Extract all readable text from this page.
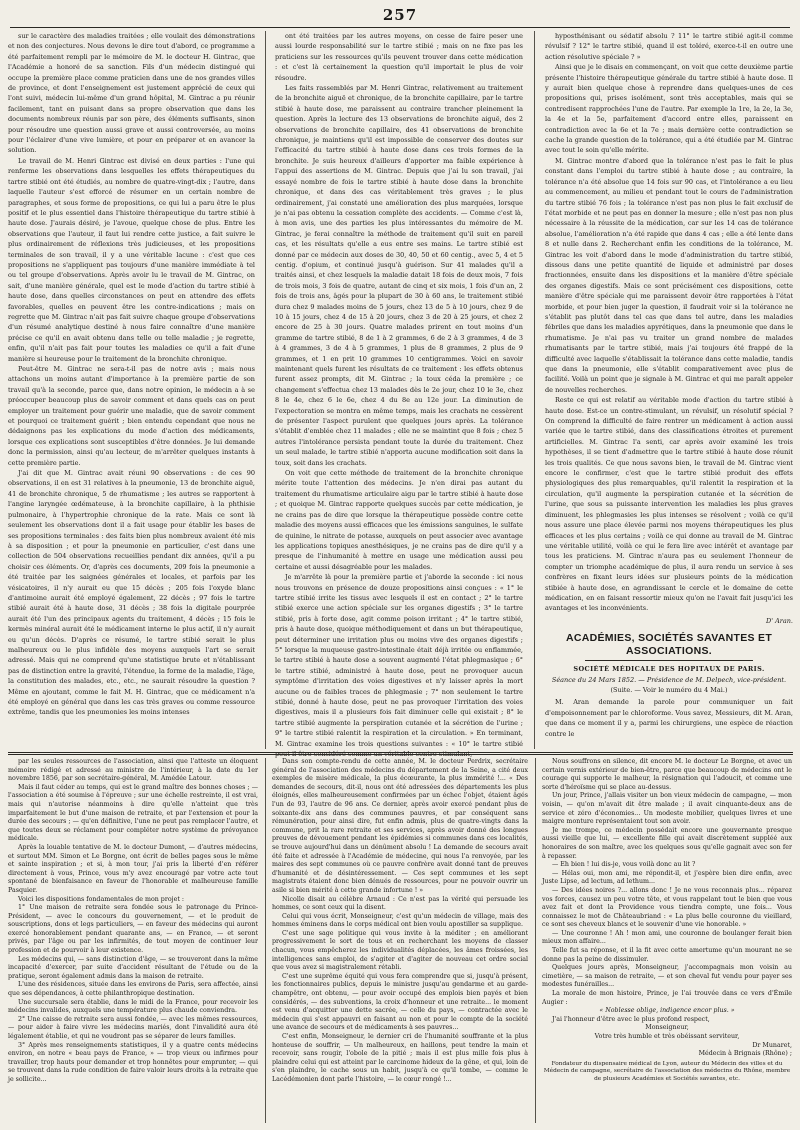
257

sur le caractère des maladies traitées ; elle voulait des démonstrations et non des conjectures. Nous devons le dire tout d'abord, ce programme a été parfaitement rempli par le mémoire de M. le docteur H. Gintrac, que l'Académie a honoré de sa sanction. Fils d'un médecin distingué qui occupe la première place comme praticien dans une de nos grandes villes de province, et dont l'enseignement est justement apprécié de ceux qui l'ont suivi, médecin lui-même d'un grand hôpital, M. Gintrac a pu réunir facilement, tant en puisant dans sa propre observation que dans les documents nombreux réunis par son père, des éléments suffisants, sinon pour résoudre une question aussi grave et aussi controversée, au moins pour l'éclairer d'une vive lumière, et pour en préparer et en avancer la solution.

Le travail de M. Henri Gintrac est divisé en deux parties : l'une qui renferme les observations dans lesquelles les effets thérapeutiques du tartre stibié ont été étudiés, au nombre de quatre-vingt-dix ; l'autre, dans laquelle l'auteur s'est efforcé de résumer en un certain nombre de paragraphes, et sous forme de propositions, ce qui lui a paru être le plus positif et le plus essentiel dans l'histoire thérapeutique du tartre stibié à haute dose. J'aurais désiré, je l'avoue, quelque chose de plus. Entre les observations que l'auteur, il faut lui rendre cette justice, a fait suivre le plus ordinairement de réflexions très judicieuses, et les propositions terminales de son travail, il y a une véritable lacune : c'est que ces propositions ne s'appliquent pas toujours d'une manière immédiate à tel ou tel groupe d'observations. Après avoir lu le travail de M. Gintrac, on sait, d'une manière générale, quel est le mode d'action du tartre stibié à haute dose, dans quelles circonstances on peut en attendre des effets favorables, quelles en peuvent être les contre-indications ; mais on regrette que M. Gintrac n'ait pas fait suivre chaque groupe d'observations d'un résumé analytique destiné à nous faire connaître d'une manière précise ce qu'il en avait obtenu dans telle ou telle maladie ; je regrette, enfin, qu'il n'ait pas fait pour toutes les maladies ce qu'il a fait d'une manière si heureuse pour le traitement de la bronchite chronique.

Peut-être M. Gintrac ne sera-t-il pas de notre avis ; mais nous attachons un moins autant d'importance à la première partie de son travail qu'à la seconde, parce que, dans notre opinion, le médecin a à se préoccuper beaucoup plus de savoir comment et dans quels cas on peut employer un traitement pour guérir une maladie, que de savoir comment et pourquoi ce traitement guérit ; bien entendu cependant que nous ne dédaignons pas les explications du mode d'action des médicaments, lorsque ces explications sont susceptibles d'être données. Je lui demande donc la permission, ainsi qu'au lecteur, de m'arrêter quelques instants à cette première partie.

J'ai dit que M. Gintrac avait réuni 90 observations : de ces 90 observations, il en est 31 relatives à la pneumonie, 13 de bronchite aiguë, 41 de bronchite chronique, 5 de rhumatisme ; les autres se rapportent à l'angine laryngée œdémateuse, à la bronchite capillaire, à la phthisie pulmonaire, à l'hypertrophie chronique de la rate. Mais ce sont là seulement les observations dont il a fait usage pour établir les bases de ses propositions terminales : des faits bien plus nombreux avaient été mis à sa disposition ; et pour la pneumonie en particulier, c'est dans une collection de 504 observations recueillies pendant dix années, qu'il a pu choisir ces éléments. Or, d'après ces documents, 209 fois la pneumonie a été traitée par les saignées générales et locales, et parfois par les vésicatoires, il n'y aurait eu que 15 décès ; 205 fois l'oxyde blanc d'antimoine aurait été employé également, 22 décès ; 97 fois le tartre stibié aurait été à haute dose, 31 décès ; 38 fois la digitale pourprée aurait été l'un des principaux agents du traitement, 4 décès ; 15 fois le kermès minéral aurait été le médicament interne le plus actif, il n'y aurait eu qu'un décès. D'après ce résumé, le tartre stibié serait le plus malheureux ou le plus infidèle des moyens auxquels l'art se serait adressé. Mais qui ne comprend qu'une statistique brute et n'établissant pas de distinction entre la gravité, l'étendue, la forme de la maladie, l'âge, la constitution des malades, etc., etc., ne saurait résoudre la question ? Même en ajoutant, comme le fait M. H. Gintrac, que ce médicament n'a été employé en général que dans les cas très graves ou comme ressource extrême, tandis que les pneumonies les moins intenses

ont été traitées par les autres moyens, on cesse de faire peser une aussi lourde responsabilité sur le tartre stibié ; mais on ne fixe pas les praticiens sur les ressources qu'ils peuvent trouver dans cette médication : et c'est là certainement la question qu'il importait le plus de voir résoudre.

Les faits rassemblés par M. Henri Gintrac, relativement au traitement de la bronchite aiguë et chronique, de la bronchite capillaire, par le tartre stibié à haute dose, me paraissent au contraire trancher pleinement la question. Après la lecture des 13 observations de bronchite aiguë, des 2 observations de bronchite capillaire, des 41 observations de bronchite chronique, je maintiens qu'il est impossible de conserver des doutes sur l'efficacité du tartre stibié à haute dose dans ces trois formes de la bronchite. Je suis heureux d'ailleurs d'apporter ma faible expérience à l'appui des assertions de M. Gintrac. Depuis que j'ai lu son travail, j'ai essayé nombre de fois le tartre stibié à haute dose dans la bronchite chronique, et dans des cas véritablement très graves ; le plus ordinairement, j'ai constaté une amélioration des plus marquées, lorsque je n'ai pas obtenu la cessation complète des accidents. — Comme c'est là, à mon avis, une des parties les plus intéressantes du mémoire de M. Gintrac, je ferai connaître la méthode de traitement qu'il suit en pareil cas, et les résultats qu'elle a eus entre ses mains. Le tartre stibié est donné par ce médecin aux doses de 30, 40, 50 et 60 centig., avec 5, 4 et 5 centig. d'opium, et continué jusqu'à guérison. Sur 41 malades qu'il a traités ainsi, et chez lesquels la maladie datait 18 fois de deux mois, 7 fois de trois mois, 3 fois de quatre, autant de cinq et six mois, 1 fois d'un an, 2 fois de trois ans, âgés pour la plupart de 30 à 60 ans, le traitement stibié dura chez 9 malades moins de 5 jours, chez 13 de 5 à 10 jours, chez 9 de 10 à 15 jours, chez 4 de 15 à 20 jours, chez 3 de 20 à 25 jours, et chez 2 encore de 25 à 30 jours. Quatre malades prirent en tout moins d'un gramme de tartre stibié, 8 de 1 à 2 grammes, 6 de 2 à 3 grammes, 4 de 3 à 4 grammes, 3 de 4 à 5 grammes, 1 plus de 8 grammes, 2 plus de 9 grammes, et 1 en prit 10 grammes 10 centigrammes. Voici en savoir maintenant quels furent les résultats de ce traitement : les effets obtenus furent assez prompts, dit M. Gintrac ; la toux céda la première ; ce changement s'effectua chez 13 malades dès le 2e jour, chez 10 le 3e, chez 8 le 4e, chez 6 le 6e, chez 4 du 8e au 12e jour. La diminution de l'expectoration se montra en même temps, mais les crachats ne cessèrent de présenter l'aspect purulent que quelques jours après. La tolérance s'établit d'emblée chez 11 malades ; elle ne se maintint que 8 fois ; chez 5 autres l'intolérance persista pendant toute la durée du traitement. Chez un seul malade, le tartre stibié n'apporta aucune modification soit dans la toux, soit dans les crachats.

On voit que cette méthode de traitement de la bronchite chronique mérite toute l'attention des médecins. Je n'en dirai pas autant du traitement du rhumatisme articulaire aigu par le tartre stibié à haute dose ; et quoique M. Gintrac rapporte quelques succès par cette médication, je ne crains pas de dire que lorsque la thérapeutique possède contre cette maladie des moyens aussi efficaces que les émissions sanguines, le sulfate de quinine, le nitrate de potasse, auxquels on peut associer avec avantage les applications topiques anesthésiques, je ne crains pas de dire qu'il y a presque de l'inhumanité à mettre en usage une médication aussi peu certaine et aussi désagréable pour les malades.

Je m'arrête là pour la première partie et j'aborde la seconde : ici nous nous trouvons en présence de douze propositions ainsi conçues : « 1° le tartre stibié irrite les tissus avec lesquels il est en contact ; 2° le tartre stibié exerce une action spéciale sur les organes digestifs ; 3° le tartre stibié, pris à forte dose, agit comme poison irritant ; 4° le tartre stibié, pris à haute dose, quoique méthodiquement et dans un but thérapeutique, peut déterminer une irritation plus ou moins vive des organes digestifs ; 5° lorsque la muqueuse gastro-intestinale était déjà irritée ou enflammée, le tartre stibié à haute dose a souvent augmenté l'état phlegmasique ; 6° le tartre stibié, administré à haute dose, peut ne provoquer aucun symptôme d'irritation des voies digestives et n'y laisser après la mort aucune ou de faibles traces de phlegmasie ; 7° non seulement le tartre stibié, donné à haute dose, peut ne pas provoquer l'irritation des voies digestives, mais il a plusieurs fois fait diminuer celle qui existait ; 8° le tartre stibié augmente la perspiration cutanée et la sécrétion de l'urine ; 9° le tartre stibié ralentit la respiration et la circulation. » En terminant, M. Gintrac examine les trois questions suivantes : « 10° le tartre stibié peut-il être considéré comme un véritable contre-stimulant,

hyposthénisant ou sédatif absolu ? 11° le tartre stibié agit-il comme révulsif ? 12° le tartre stibié, quand il est toléré, exerce-t-il en outre une action résolutive spéciale ? »

Ainsi que je le disais en commençant, on voit que cette deuxième partie présente l'histoire thérapeutique générale du tartre stibié à haute dose. Il y aurait bien quelque chose à reprendre dans quelques-unes de ces propositions qui, prises isolément, sont très acceptables, mais qui se contredisent rapprochées l'une de l'autre. Par exemple la 1re, la 2e, la 3e, la 4e et la 5e, parfaitement d'accord entre elles, paraissent en contradiction avec la 6e et la 7e ; mais dernière cette contradiction se cache la grande question de la tolérance, qui a été étudiée par M. Gintrac avec tout le soin qu'elle mérite.

M. Gintrac montre d'abord que la tolérance n'est pas le fait le plus constant dans l'emploi du tartre stibié à haute dose ; au contraire, la tolérance n'a été absolue que 14 fois sur 90 cas, et l'intolérance a eu lieu au commencement, au milieu et pendant tout le cours de l'administration du tartre stibié 76 fois ; la tolérance n'est pas non plus le fait exclusif de l'état morbide et ne peut pas en donner la mesure ; elle n'est pas non plus nécessaire à la réussite de la médication, car sur les 14 cas de tolérance absolue, l'amélioration n'a été rapide que dans 4 cas ; elle a été lente dans 8 et nulle dans 2. Recherchant enfin les conditions de la tolérance, M. Gintrac les voit d'abord dans le mode d'administration du tartre stibié, dissous dans une petite quantité de liquide et administré par doses fractionnées, ensuite dans les dispositions et la manière d'être spéciale des organes digestifs. Mais ce sont précisément ces dispositions, cette manière d'être spéciale qui me paraissent devoir être rapportées à l'état morbide, et pour bien juger la question, il faudrait voir si la tolérance ne s'établit pas plutôt dans tel cas que dans tel autre, dans les maladies fébriles que dans les maladies apyrétiques, dans la pneumonie que dans le rhumatisme. Je n'ai pas vu traiter un grand nombre de malades rhumatisants par le tartre stibié, mais j'ai toujours été frappé de la difficulté avec laquelle s'établissait la tolérance dans cette maladie, tandis que dans la pneumonie, elle s'établit comparativement avec plus de facilité. Voilà un point que je signale à M. Gintrac et qui me paraît appeler de nouvelles recherches.

Reste ce qui est relatif au véritable mode d'action du tartre stibié à haute dose. Est-ce un contre-stimulant, un révulsif, un résolutif spécial ? On comprend la difficulté de faire rentrer un médicament à action aussi variée que le tartre stibié, dans des classifications étroites et purement artificielles. M. Gintrac l'a senti, car après avoir examiné les trois hypothèses, il se tient d'admettre que le tartre stibié à haute dose réunit les trois qualités. Ce que nous savons bien, le travail de M. Gintrac vient encore le confirmer, c'est que le tartre stibié produit des effets physiologiques des plus remarquables, qu'il ralentit la respiration et la circulation, qu'il augmente la perspiration cutanée et la sécrétion de l'urine, que sous sa puissante intervention les maladies les plus graves diminuent, les phlegmasies les plus intenses se résolvent ; voilà ce qu'il nous assure une place élevée parmi nos moyens thérapeutiques les plus efficaces et les plus certains ; voilà ce qui donne au travail de M. Gintrac une véritable utilité, voilà ce qui le fera lire avec intérêt et avantage par tous les praticiens. M. Gintrac n'aura pas eu seulement l'honneur de compter un triomphe académique de plus, il aura rendu un service à ses confrères en fixant leurs idées sur plusieurs points de la médication stibiée à haute dose, en agrandissant le cercle et le domaine de cette médication, en en faisant ressortir mieux qu'on ne l'avait fait jusqu'ici les avantages et les inconvénients.

D' Aran.
ACADÉMIES, SOCIÉTÉS SAVANTES ET ASSOCIATIONS.
SOCIÉTÉ MÉDICALE DES HOPITAUX DE PARIS.
Séance du 24 Mars 1852. — Présidence de M. Delpech, vice-président.
(Suite. — Voir le numéro du 4 Mai.)

M. Aran demande la parole pour communiquer un fait d'empoisonnement par le chloroforme. Vous savez, Messieurs, dit M. Aran, que dans ce moment il y a, parmi les chirurgiens, une espèce de réaction contre le

par les seules ressources de l'association, ainsi que l'atteste un éloquent mémoire rédigé et adressé au ministre de l'intérieur, à la date du 1er novembre 1856, par son secrétaire-général, M. Amédée Latour.

Mais il faut céder au temps, qui est le grand maître des bonnes choses ; — l'association a été soumise à l'épreuve ; sur une échelle restreinte, il est vrai, mais qui n'autorise néanmoins à dire qu'elle n'atteint que très imparfaitement le but d'une maison de retraite, et par l'extension et pour la durée des secours ; — qu'en définitive, l'une ne peut pas remplacer l'autre, et que toutes deux se réclament pour compléter notre système de prévoyance médicale.

Après la louable tentative de M. le docteur Dumont, — d'autres médecins, et surtout MM. Simon et Le Borgne, ont écrit de belles pages sous le même et sainte inspiration ; et si, à mon tour, j'ai pris la liberté d'en référer directement à vous, Prince, vous m'y avez encouragé par votre acte tout spontané de bienfaisance en faveur de l'honorable et malheureuse famille Pasquier.

Voici les dispositions fondamentales de mon projet :

1° Une maison de retraite sera fondée sous le patronage du Prince-Président, — avec le concours du gouvernement, — et le produit de souscriptions, dons et legs particuliers, — en faveur des médecins qui auront exercé honorablement pendant quarante ans, — en France, — et seront privés, par l'âge ou par les infirmités, de tout moyen de continuer leur profession et de pourvoir à leur existence.

Les médecins qui, — sans distinction d'âge, — se trouveront dans la même incapacité d'exercer, par suite d'accident résultant de l'étude ou de la pratique, seront également admis dans la maison de retraite.

L'une des résidences, située dans les environs de Paris, sera affectée, ainsi que ses dépendances, à cette philanthropique destination.

Une succursale sera établie, dans le midi de la France, pour recevoir les médecins invalides, auxquels une température plus chaude conviendra.

2° Une caisse de retraite sera aussi fondée, — avec les mêmes ressources, — pour aider à faire vivre les médecins mariés, dont l'invalidité aura été légalement établie, et qui ne voudront pas se séparer de leurs familles.

3° Après mes renseignements statistiques, il y a quatre cents médecins environ, en notre « beau pays de France, » — trop vieux ou infirmes pour travailler, trop hauts pour demander et trop honnêtes pour emprunter, — qui se trouvent dans la rude condition de faire valoir leurs droits à la retraite que je sollicite...

Dans son compte-rendu de cette année, M. le docteur Perdrix, secrétaire général de l'association des médecins du département de la Seine, a cité deux exemples de misère médicale, la plus écœurante, la plus immérité !... « Des demandes de secours, dit-il, nous ont été adressées des départements les plus éloignés, elles malheureusement confirmées par un échec l'objet, étaient âgés l'un de 93, l'autre de 96 ans. Ce dernier, après avoir exercé pendant plus de soixante-dix ans dans des communes pauvres, et par conséquent sans rémunération, pour ainsi dire, fut enfin admis, plus de quatre-vingts dans la commune, prit la rare retraite et ses services, après avoir donné des longues preuves de dévouement pendant les épidémies si communes dans ces localités, se trouve aujourd'hui dans un dénûment absolu ! La demande de secours avait été faite et adressée à l'Académie de médecine, qui nous l'a renvoyée, par les maires des sept communes où ce pauvre confrère avait donné tant de preuves d'humanité et de désintéressement. — Ces sept communes et les sept magistrats étaient donc bien dénués de ressources, pour ne pouvoir ouvrir un asile si bien mérité à cette grande infortune ! »

Nicolle disait au célèbre Arnaud : Ce n'est pas la vérité qui persuade les hommes, ce sont ceux qui la disent.

Celui qui vous écrit, Monseigneur, c'est qu'un médecin de village, mais des hommes éminens dans le corps médical ont bien voulu apostiller sa supplique.

C'est une sage politique qui vous invite à la méditer ; en améliorant progressivement le sort de tous et en recherchant les moyens de classer chacun, vous empêcherez les individualités déplacées, les âmes froissées, les intelligences sans emploi, de s'agiter et d'agiter de nouveau cet ordre social que vous avez si magistralement rétabli.

C'est une suprême équité qui vous fera comprendre que si, jusqu'à présent, les fonctionnaires publics, depuis le ministre jusqu'au gendarme et au garde-champêtre, ont obtenu, — pour avoir occupé des emplois bien payés et bien considérés, — des subventions, la croix d'honneur et une retraite... le moment est venu d'acquitter une dette sacrée, — celle du pays, — contractée avec le médecin qui s'est appauvri en faisant au non et pour le compte de la société une avance de secours et de médicaments à ses pauvres...

C'est enfin, Monseigneur, le dernier cri de l'humanité souffrante et la plus honteuse de souffrir, — Un malheureux, en haillons, peut tendre la main et recevoir, sans rougir, l'obole de la pitié ; mais il est plus mille fois plus à plaindre celui qui est atteint par le carcinome hideux de la gêne, et qui, loin de s'en plaindre, le cache sous un habit, jusqu'à ce qu'il tombe, — comme le Lacédémonien dont parle l'histoire, — le cœur rongé !...

Nous souffrons en silence, dit encore M. le docteur Le Borgne, et avec un certain vernis extérieur de bien-être, parce que beaucoup de médecins ont le courage qui supporte le malheur, la résignation qui l'adoucit, et comme une sorte d'héroïsme qui se place au-dessus.

Un jour, Prince, j'allais visiter un bon vieux médecin de campagne, — mon voisin, — qu'on m'avait dit être malade ; il avait cinquante-deux ans de service et zéro d'économies... Un modeste mobilier, quelques livres et une maigre monture représentaient tout son avoir.

Je me trompe, ce médecin possédait encore une gouvernante presque aussi vieille que lui, — excellente fille qui avait discrètement suppléé aux honoraires de son maître, avec les quelques sous qu'elle gagnait avec son fer à repasser.

— Eh bien ! lui dis-je, vous voilà donc au lit ?

— Hélas oui, mon ami, me répondit-il, et j'espère bien dire enfin, avec Juste Lipse, ad lectum, ad lethum...

— Des idées noires ?... allons donc ! Je ne vous reconnais plus... réparez vos forces, causez un peu votre tête, et vous rappelant tout le bien que vous avez fait et dont la Providence vous tiendra compte, une fois... Vous connaissez le mot de Châteaubriand : « La plus belle couronne du vieillard, ce sont ses cheveux blancs et le souvenir d'une vie honorable. »

— Une couronne ! Ah ! mon ami, une couronne de boulanger ferait bien mieux mon affaire...

Telle fut sa réponse, et il la fit avec cette amertume qu'un mourant ne se donne pas la peine de dissimuler.

Quelques jours après, Monseigneur, j'accompagnais mon voisin au cimetière, — sa maison de retraite, — et son cheval fut vendu pour payer ses modestes funérailles...

La morale de mon histoire, Prince, je l'ai trouvée dans ce vers d'Émile Augier :

« Noblesse oblige, indigence encor plus. »

J'ai l'honneur d'être avec le plus profond respect,

Monseigneur,

Votre très humble et très obéissant serviteur,

Dr Munaret,
Médecin à Brignais (Rhône) ;
Fondateur du dispensaire médical de Lyon, auteur du Médecin des villes et du Médecin de campagne, secrétaire de l'association des médecins du Rhône, membre de plusieurs Académies et Sociétés savantes, etc.
